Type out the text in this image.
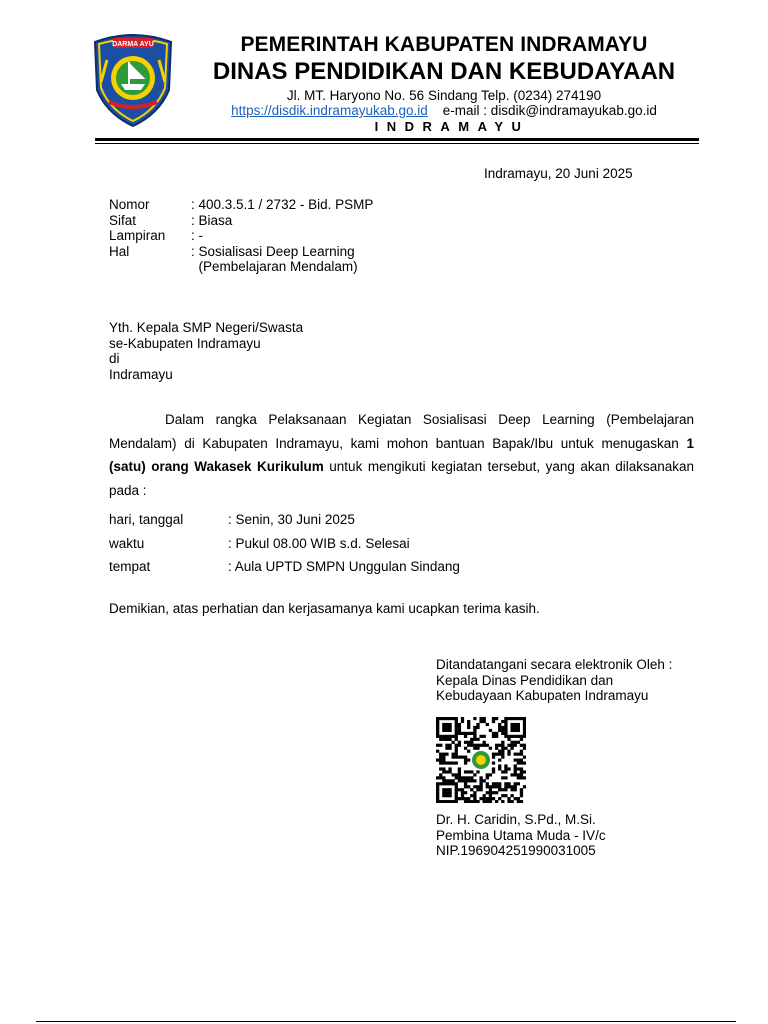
DARMA AYU	PEMERINTAH KABUPATEN INDRAMAYU
DINAS PENDIDIKAN DAN KEBUDAYAAN
Jl. MT. Haryono No. 56 Sindang Telp. (0234) 274190
https://disdik.indramayukab.go.id e-mail : disdik@indramayukab.go.id
INDRAMAYU
Indramayu, 20 Juni 2025
Nomor	: 400.3.5.1 / 2732 - Bid. PSMP
Sifat	: Biasa
Lampiran	: -
Hal	: Sosialisasi Deep Learning
(Pembelajaran Mendalam)
Yth. Kepala SMP Negeri/Swasta
se-Kabupaten Indramayu
di
Indramayu
Dalam rangka Pelaksanaan Kegiatan Sosialisasi Deep Learning (Pembelajaran Mendalam) di Kabupaten Indramayu, kami mohon bantuan Bapak/Ibu untuk menugaskan 1 (satu) orang Wakasek Kurikulum untuk mengikuti kegiatan tersebut, yang akan dilaksanakan pada :
hari, tanggal	: Senin, 30 Juni 2025
waktu	: Pukul 08.00 WIB s.d. Selesai
tempat	: Aula UPTD SMPN Unggulan Sindang
Demikian, atas perhatian dan kerjasamanya kami ucapkan terima kasih.
Ditandatangani secara elektronik Oleh :
Kepala Dinas Pendidikan dan
Kebudayaan Kabupaten Indramayu
Dr. H. Caridin, S.Pd., M.Si.
Pembina Utama Muda - IV/c
NIP.196904251990031005
